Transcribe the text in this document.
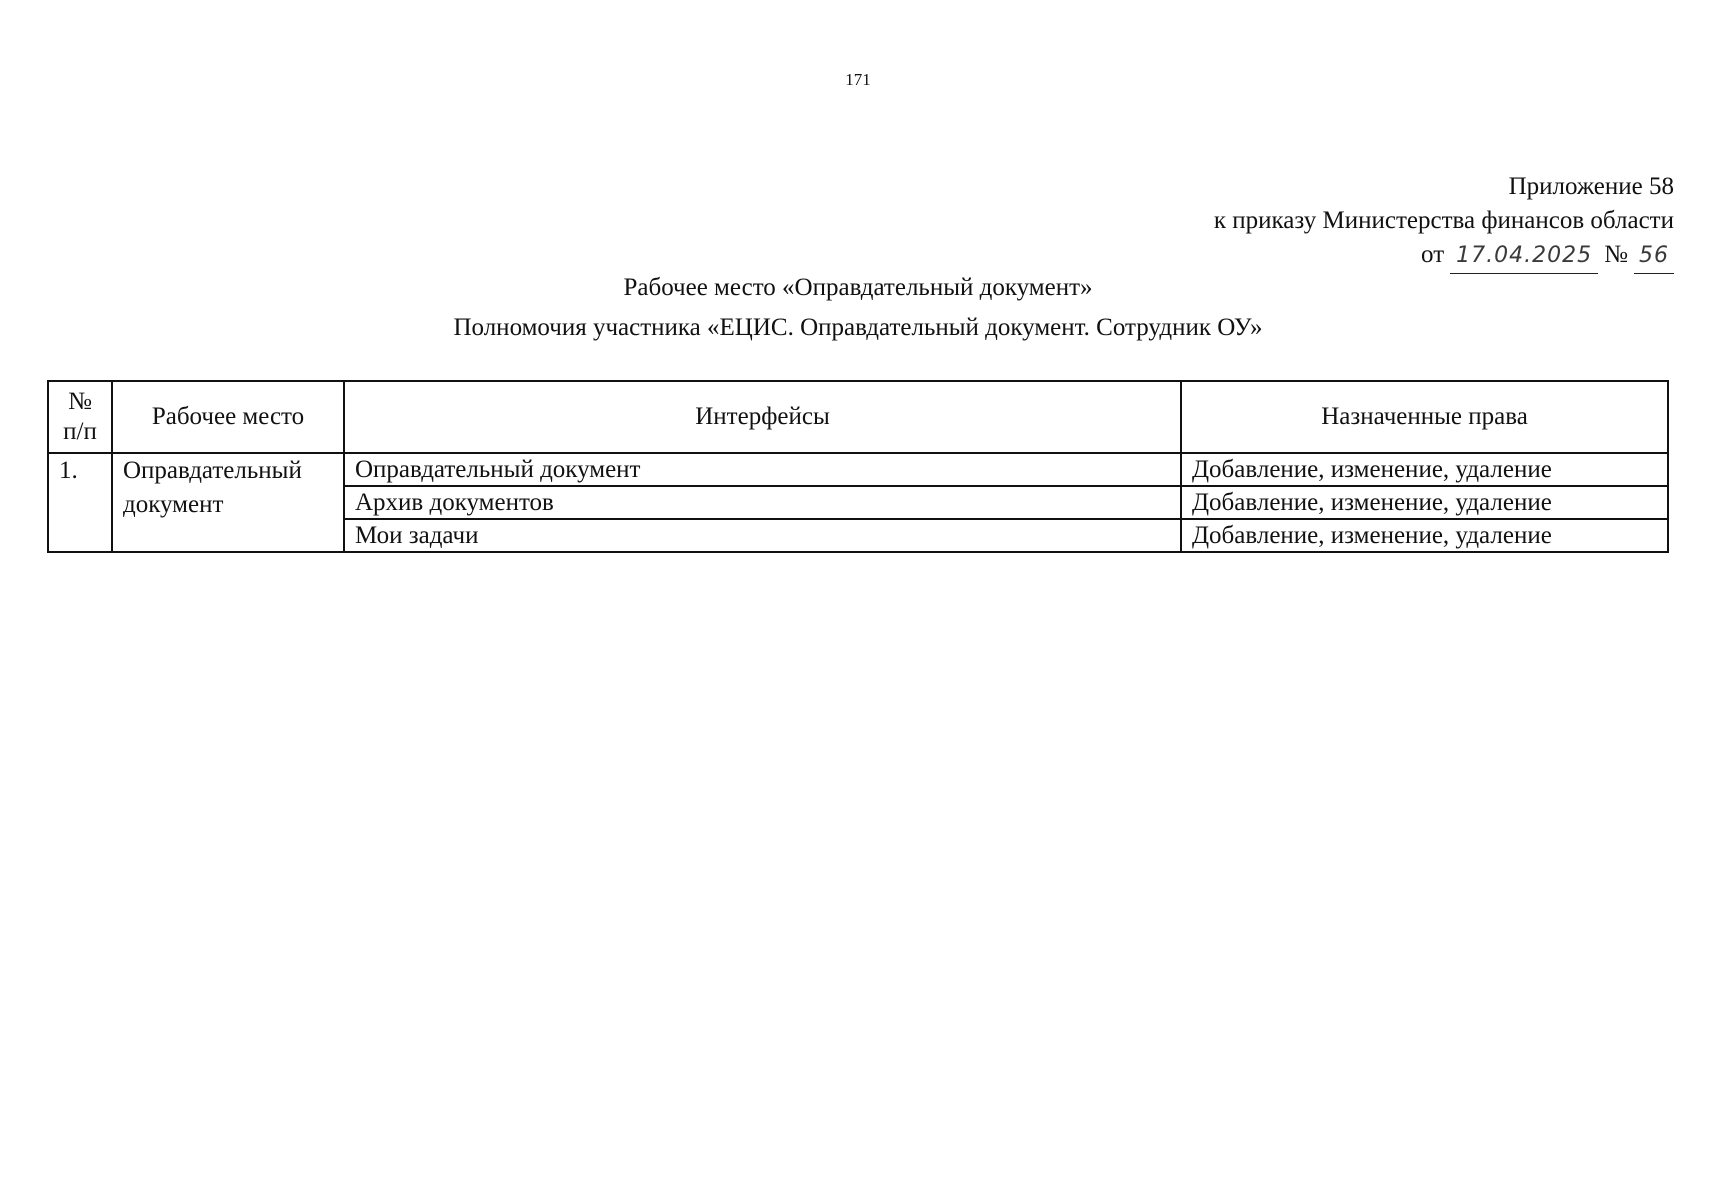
171
Приложение 58
к приказу Министерства финансов области
от 17.04.2025 № 56
Рабочее место «Оправдательный документ»
Полномочия участника «ЕЦИС. Оправдательный документ. Сотрудник ОУ»
№
п/п	Рабочее место	Интерфейсы	Назначенные права
1.	Оправдательный документ	Оправдательный документ	Добавление, изменение, удаление
		Архив документов	Добавление, изменение, удаление
		Мои задачи	Добавление, изменение, удаление
